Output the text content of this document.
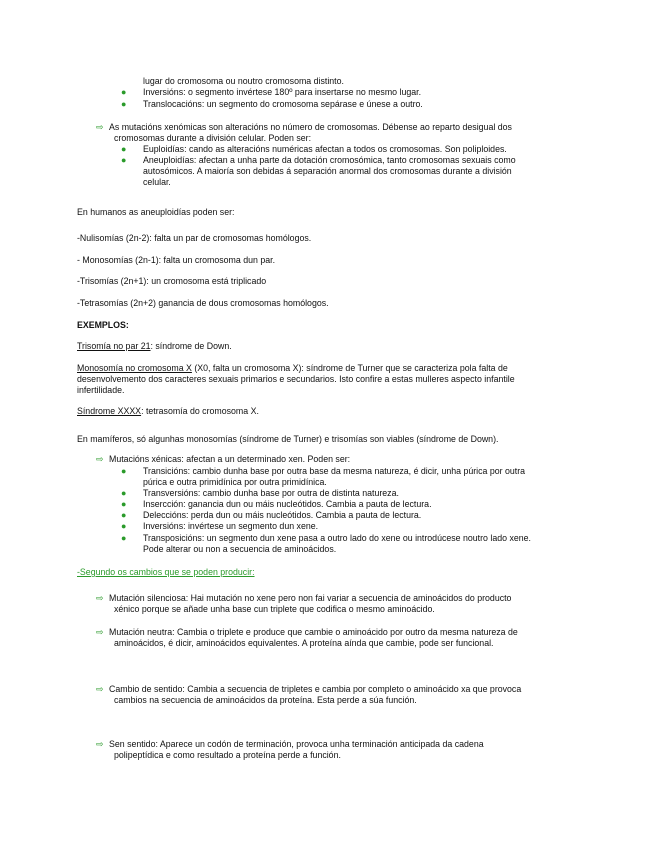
lugar do cromosoma ou noutro cromosoma distinto.
● Inversións: o segmento invértese 180º para insertarse no mesmo lugar.
● Translocacións: un segmento do cromosoma sepárase e únese a outro.
⇨ As mutacións xenómicas son alteracións no número de cromosomas. Débense ao reparto desigual dos
cromosomas durante a división celular. Poden ser:
● Euploidías: cando as alteracións numéricas afectan a todos os cromosomas. Son poliploides.
● Aneuploidías: afectan a unha parte da dotación cromosómica, tanto cromosomas sexuais como
autosómicos. A maioría son debidas á separación anormal dos cromosomas durante a división
celular.
En humanos as aneuploidías poden ser:
-Nulisomías (2n-2): falta un par de cromosomas homólogos.
- Monosomías (2n-1): falta un cromosoma dun par.
-Trisomías (2n+1): un cromosoma está triplicado
-Tetrasomías (2n+2) ganancia de dous cromosomas homólogos.
EXEMPLOS:
Trisomía no par 21: síndrome de Down.
Monosomía no cromosoma X (X0, falta un cromosoma X): síndrome de Turner que se caracteriza pola falta de
desenvolvemento dos caracteres sexuais primarios e secundarios. Isto confire a estas mulleres aspecto infantile
infertilidade.
Síndrome XXXX: tetrasomía do cromosoma X.
En mamíferos, só algunhas monosomías (síndrome de Turner) e trisomías son viables (síndrome de Down).
⇨ Mutacións xénicas: afectan a un determinado xen. Poden ser:
● Transicións: cambio dunha base por outra base da mesma natureza, é dicir, unha púrica por outra
púrica e outra primidínica por outra primidínica.
● Transversións: cambio dunha base por outra de distinta natureza.
● Insercción: ganancia dun ou máis nucleótidos. Cambia a pauta de lectura.
● Deleccións: perda dun ou máis nucleótidos. Cambia a pauta de lectura.
● Inversións: invértese un segmento dun xene.
● Transposicións: un segmento dun xene pasa a outro lado do xene ou introdúcese noutro lado xene.
Pode alterar ou non a secuencia de aminoácidos.
-Segundo os cambios que se poden producir:
⇨ Mutación silenciosa: Hai mutación no xene pero non fai variar a secuencia de aminoácidos do producto
xénico porque se añade unha base cun triplete que codifica o mesmo aminoácido.
⇨ Mutación neutra: Cambia o triplete e produce que cambie o aminoácido por outro da mesma natureza de
aminoácidos, é dicir, aminoácidos equivalentes. A proteína aínda que cambie, pode ser funcional.
⇨ Cambio de sentido: Cambia a secuencia de tripletes e cambia por completo o aminoácido xa que provoca
cambios na secuencia de aminoácidos da proteína. Esta perde a súa función.
⇨ Sen sentido: Aparece un codón de terminación, provoca unha terminación anticipada da cadena
polipeptídica e como resultado a proteína perde a función.
